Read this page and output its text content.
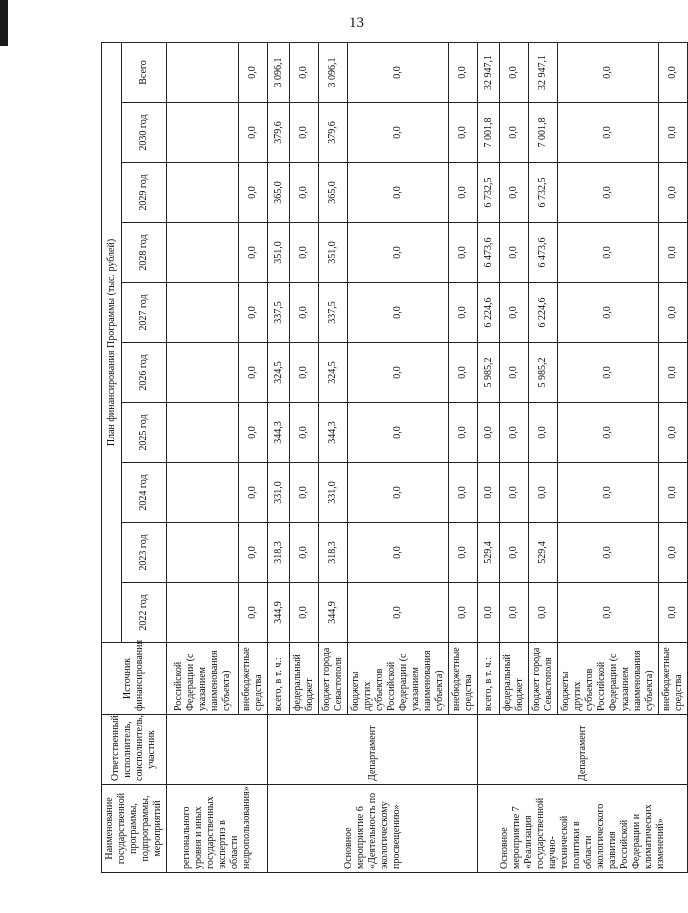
13
Наименование государственной программы, подпрограммы, мероприятий	Ответственный исполнитель, соисполнитель, участник	Источник финансирования	План финансирования Программы (тыс. рублей)									
			2022 год	2023 год	2024 год	2025 год	2026 год	2027 год	2028 год	2029 год	2030 год	Всего
регионального уровня и иных государственных экспертиз в области недропользования»		Российской Федерации (с указанием наименования субъекта)										
		внебюджетные средства	0,0	0,0	0,0	0,0	0,0	0,0	0,0	0,0	0,0	0,0
Основное мероприятие 6 «Деятельность по экологическому просвещению»	Департамент	всего, в т. ч.:	344,9	318,3	331,0	344,3	324,5	337,5	351,0	365,0	379,6	3 096,1
		федеральный бюджет	0,0	0,0	0,0	0,0	0,0	0,0	0,0	0,0	0,0	0,0
		бюджет города Севастополя	344,9	318,3	331,0	344,3	324,5	337,5	351,0	365,0	379,6	3 096,1
		бюджеты других субъектов Российской Федерации (с указанием наименования субъекта)	0,0	0,0	0,0	0,0	0,0	0,0	0,0	0,0	0,0	0,0
		внебюджетные средства	0,0	0,0	0,0	0,0	0,0	0,0	0,0	0,0	0,0	0,0
Основное мероприятие 7 «Реализация государственной научно-технической политики в области экологического развития Российской Федерации и климатических изменений»	Департамент	всего, в т. ч.:	0,0	529,4	0,0	0,0	5 985,2	6 224,6	6 473,6	6 732,5	7 001,8	32 947,1
		федеральный бюджет	0,0	0,0	0,0	0,0	0,0	0,0	0,0	0,0	0,0	0,0
		бюджет города Севастополя	0,0	529,4	0,0	0,0	5 985,2	6 224,6	6 473,6	6 732,5	7 001,8	32 947,1
		бюджеты других субъектов Российской Федерации (с указанием наименования субъекта)	0,0	0,0	0,0	0,0	0,0	0,0	0,0	0,0	0,0	0,0
		внебюджетные средства	0,0	0,0	0,0	0,0	0,0	0,0	0,0	0,0	0,0	0,0
